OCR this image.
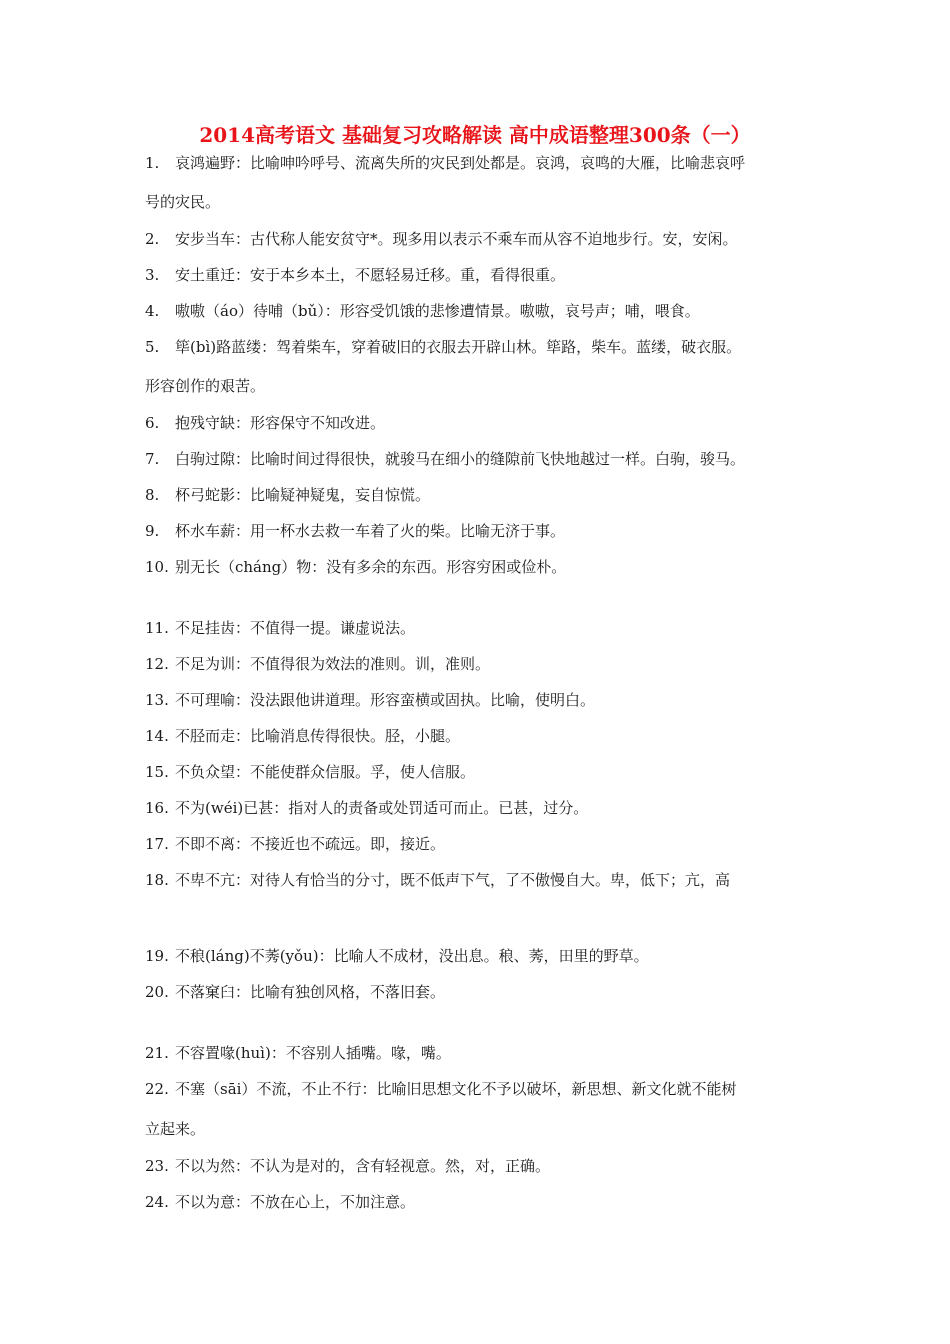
2014高考语文 基础复习攻略解读 高中成语整理300条（一）
1. 哀鸿遍野：比喻呻吟呼号、流离失所的灾民到处都是。哀鸿，哀鸣的大雁，比喻悲哀呼
号的灾民。
2. 安步当车：古代称人能安贫守*。现多用以表示不乘车而从容不迫地步行。安，安闲。
3. 安土重迁：安于本乡本土，不愿轻易迁移。重，看得很重。
4. 嗷嗷（áo）待哺（bǔ）：形容受饥饿的悲惨遭情景。嗷嗷，哀号声；哺，喂食。
5. 筚(bì)路蓝缕：驾着柴车，穿着破旧的衣服去开辟山林。筚路，柴车。蓝缕，破衣服。
形容创作的艰苦。
6. 抱残守缺：形容保守不知改进。
7. 白驹过隙：比喻时间过得很快，就骏马在细小的缝隙前飞快地越过一样。白驹，骏马。
8. 杯弓蛇影：比喻疑神疑鬼，妄自惊慌。
9. 杯水车薪：用一杯水去救一车着了火的柴。比喻无济于事。
10. 别无长（cháng）物：没有多余的东西。形容穷困或俭朴。
11. 不足挂齿：不值得一提。谦虚说法。
12. 不足为训：不值得很为效法的准则。训，准则。
13. 不可理喻：没法跟他讲道理。形容蛮横或固执。比喻，使明白。
14. 不胫而走：比喻消息传得很快。胫，小腿。
15. 不负众望：不能使群众信服。孚，使人信服。
16. 不为(wéi)已甚：指对人的责备或处罚适可而止。已甚，过分。
17. 不即不离：不接近也不疏远。即，接近。
18. 不卑不亢：对待人有恰当的分寸，既不低声下气，了不傲慢自大。卑，低下；亢，高
19. 不稂(láng)不莠(yǒu)：比喻人不成材，没出息。稂、莠，田里的野草。
20. 不落窠臼：比喻有独创风格，不落旧套。
21. 不容置喙(huì)：不容别人插嘴。喙，嘴。
22. 不塞（sāi）不流，不止不行：比喻旧思想文化不予以破坏，新思想、新文化就不能树
立起来。
23. 不以为然：不认为是对的，含有轻视意。然，对，正确。
24. 不以为意：不放在心上，不加注意。
